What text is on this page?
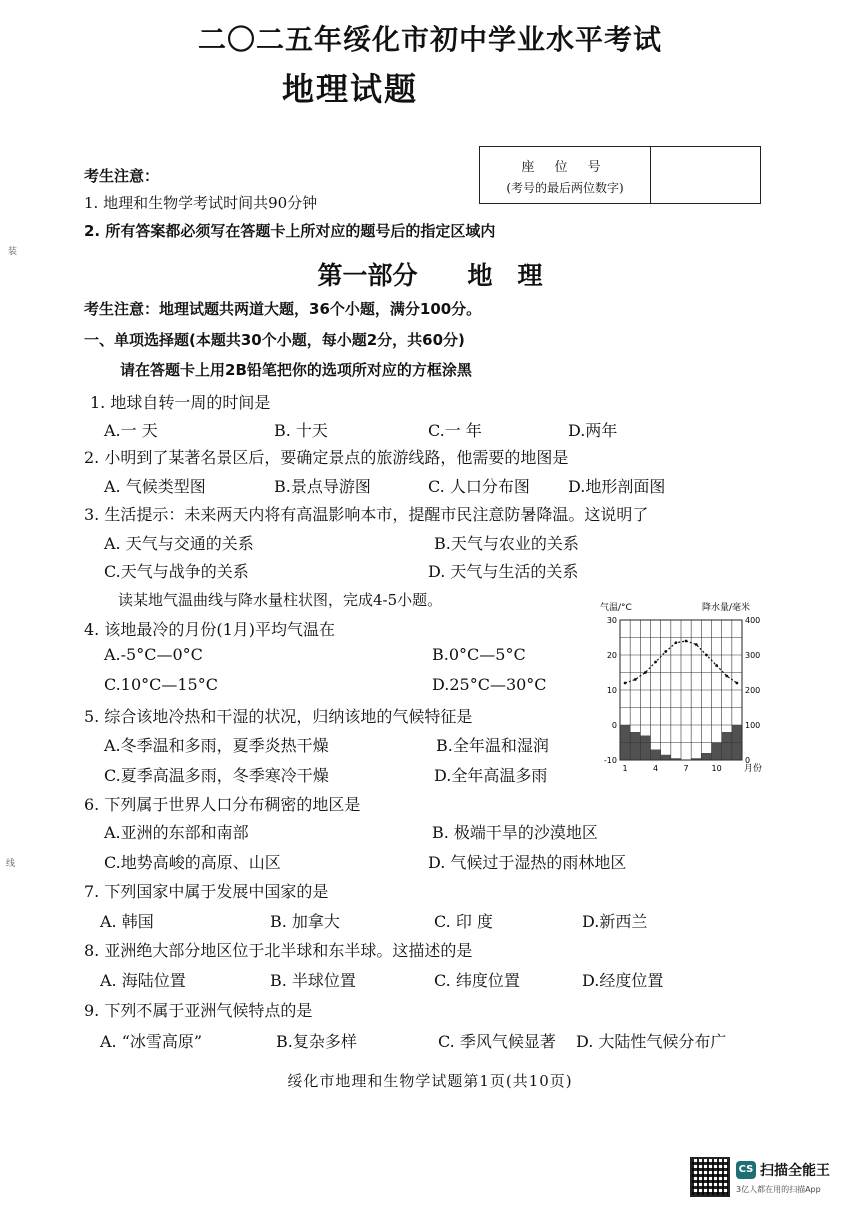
二〇二五年绥化市初中学业水平考试
地理试题
座 位 号
(考号的最后两位数字)
装
线
考生注意：
1. 地理和生物学考试时间共90分钟
2. 所有答案都必须写在答题卡上所对应的题号后的指定区域内
第一部分　　地　理
考生注意：地理试题共两道大题，36个小题，满分100分。
一、单项选择题(本题共30个小题，每小题2分，共60分)
请在答题卡上用2B铅笔把你的选项所对应的方框涂黑
1. 地球自转一周的时间是
A.一 天	B. 十天	C.一 年	D.两年
2. 小明到了某著名景区后，要确定景点的旅游线路，他需要的地图是
A. 气候类型图	B.景点导游图	C. 人口分布图 D.地形剖面图
3. 生活提示：未来两天内将有高温影响本市，提醒市民注意防暑降温。这说明了
A. 天气与交通的关系	B.天气与农业的关系
C.天气与战争的关系	D. 天气与生活的关系
读某地气温曲线与降水量柱状图，完成4-5小题。
4. 该地最冷的月份(1月)平均气温在
A.-5°C—0°C	B.0°C—5°C
C.10°C—15°C	D.25°C—30°C
5. 综合该地冷热和干湿的状况，归纳该地的气候特征是
A.冬季温和多雨，夏季炎热干燥	B.全年温和湿润
C.夏季高温多雨，冬季寒冷干燥	D.全年高温多雨
6. 下列属于世界人口分布稠密的地区是
A.亚洲的东部和南部	B. 极端干旱的沙漠地区
C.地势高峻的高原、山区	D. 气候过于湿热的雨林地区
7. 下列国家中属于发展中国家的是
A. 韩国	B. 加拿大	C. 印 度	D.新西兰
8. 亚洲绝大部分地区位于北半球和东半球。这描述的是
A. 海陆位置	B. 半球位置	C. 纬度位置	D.经度位置
9. 下列不属于亚洲气候特点的是
A. “冰雪高原”	B.复杂多样	C. 季风气候显著 D. 大陆性气候分布广
气温/°C	降水量/毫米
30
20
10
0
-10
400
300
200
100
0
1	4	7	10 月份
绥化市地理和生物学试题第1页(共10页)
CS 扫描全能王
3亿人都在用的扫描App
